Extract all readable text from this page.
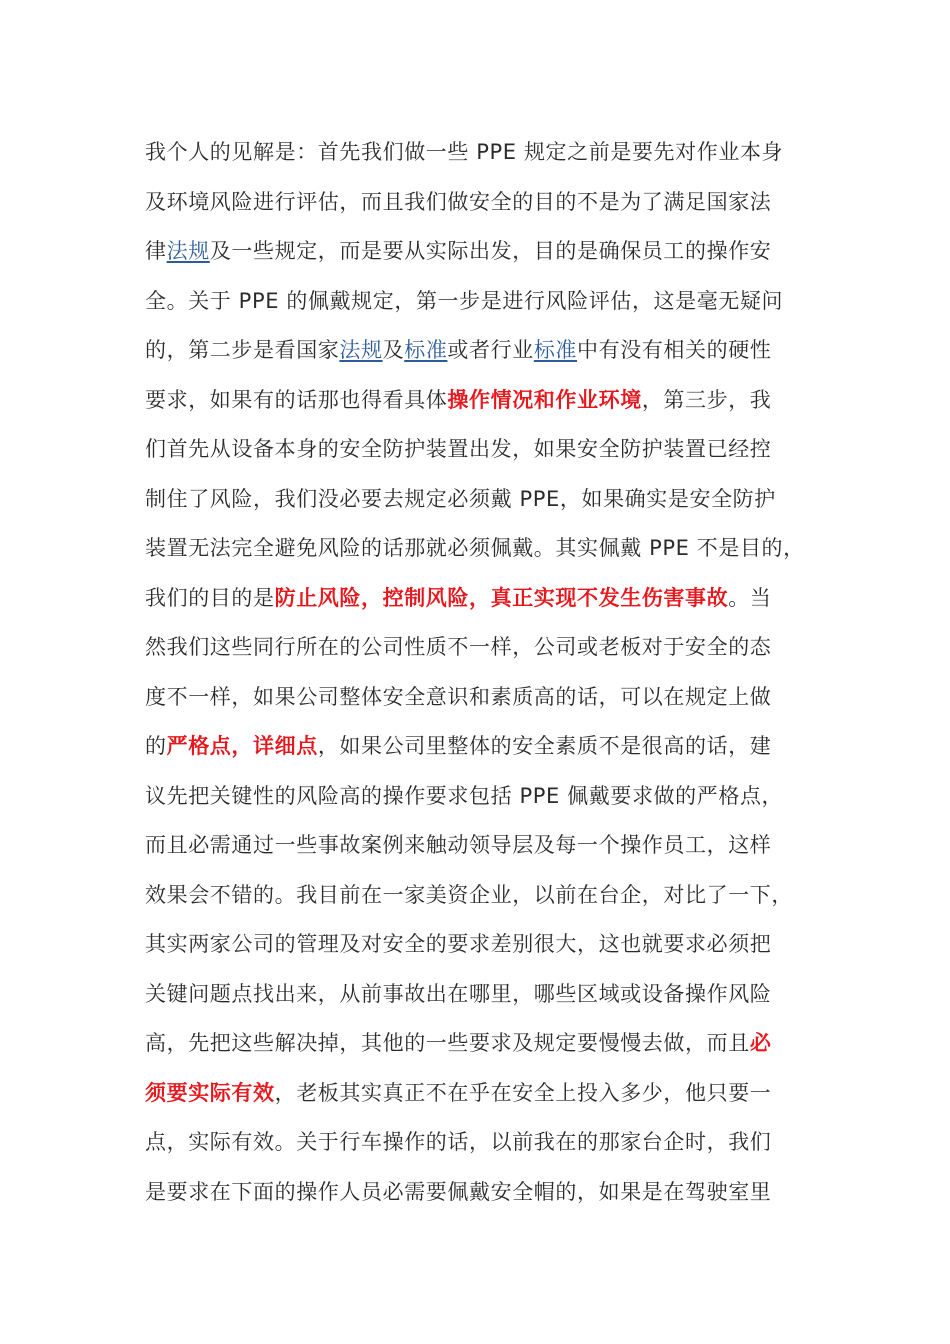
我个人的见解是：首先我们做一些 PPE 规定之前是要先对作业本身
及环境风险进行评估，而且我们做安全的目的不是为了满足国家法
律法规及一些规定，而是要从实际出发，目的是确保员工的操作安
全。关于 PPE 的佩戴规定，第一步是进行风险评估，这是毫无疑问
的，第二步是看国家法规及标准或者行业标准中有没有相关的硬性
要求，如果有的话那也得看具体操作情况和作业环境，第三步，我
们首先从设备本身的安全防护装置出发，如果安全防护装置已经控
制住了风险，我们没必要去规定必须戴 PPE，如果确实是安全防护
装置无法完全避免风险的话那就必须佩戴。其实佩戴 PPE 不是目的，
我们的目的是防止风险，控制风险，真正实现不发生伤害事故。当
然我们这些同行所在的公司性质不一样，公司或老板对于安全的态
度不一样，如果公司整体安全意识和素质高的话，可以在规定上做
的严格点，详细点，如果公司里整体的安全素质不是很高的话，建
议先把关键性的风险高的操作要求包括 PPE 佩戴要求做的严格点，
而且必需通过一些事故案例来触动领导层及每一个操作员工，这样
效果会不错的。我目前在一家美资企业，以前在台企，对比了一下，
其实两家公司的管理及对安全的要求差别很大，这也就要求必须把
关键问题点找出来，从前事故出在哪里，哪些区域或设备操作风险
高，先把这些解决掉，其他的一些要求及规定要慢慢去做，而且必
须要实际有效，老板其实真正不在乎在安全上投入多少，他只要一
点，实际有效。关于行车操作的话，以前我在的那家台企时，我们
是要求在下面的操作人员必需要佩戴安全帽的，如果是在驾驶室里
